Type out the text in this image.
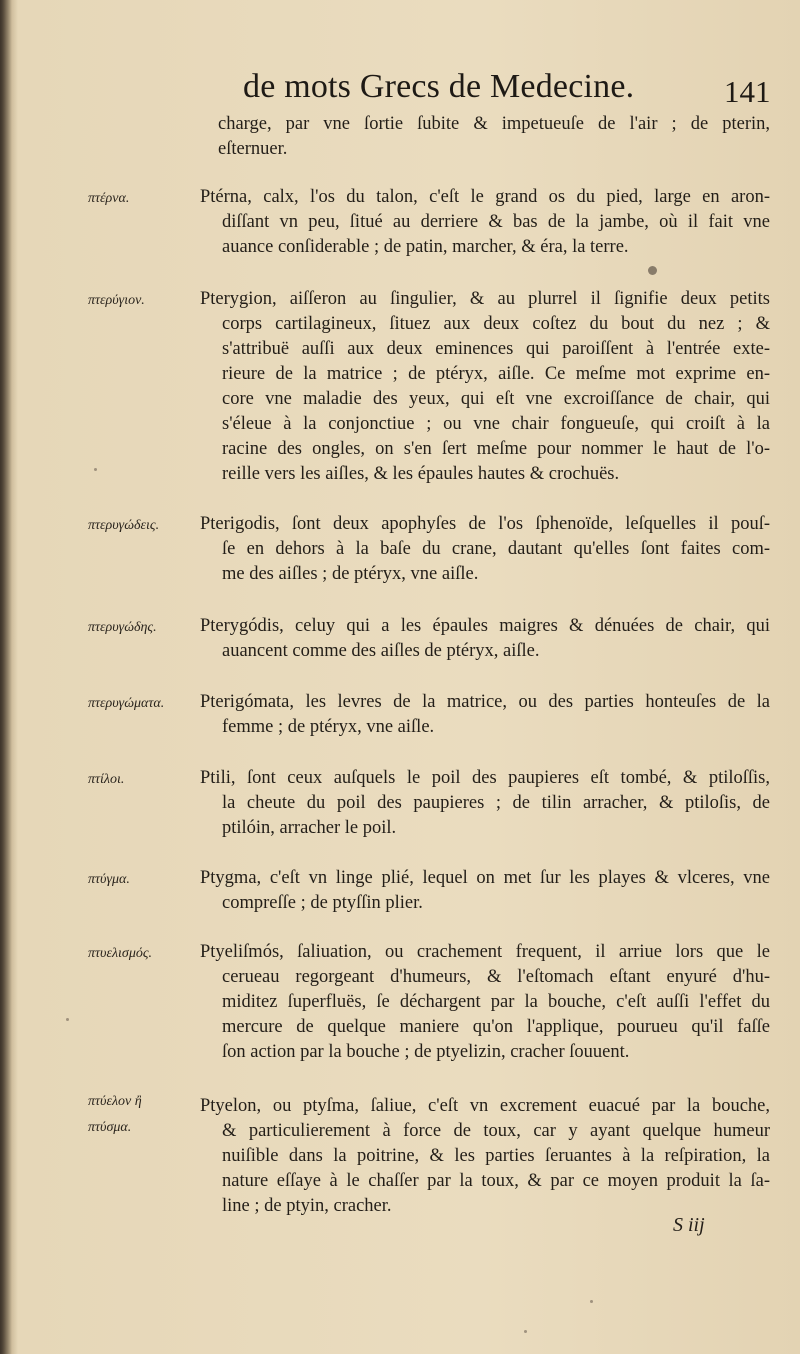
de mots Grecs de Medecine.	141
charge, par vne ſortie ſubite & impetueuſe de l'air ; de pterin,
eſternuer.
πτέρνα.	Ptérna, calx, l'os du talon, c'eſt le grand os du pied, large en aron-
diſſant vn peu, ſitué au derriere & bas de la jambe, où il fait vne
auance conſiderable ; de patin, marcher, & éra, la terre.
πτερύγιον.	Pterygion, aiſſeron au ſingulier, & au plurrel il ſignifie deux petits
corps cartilagineux, ſituez aux deux coſtez du bout du nez ; &
s'attribuë auſſi aux deux eminences qui paroiſſent à l'entrée exte-
rieure de la matrice ; de ptéryx, aiſle. Ce meſme mot exprime en-
core vne maladie des yeux, qui eſt vne excroiſſance de chair, qui
s'éleue à la conjonctiue ; ou vne chair fongueuſe, qui croiſt à la
racine des ongles, on s'en ſert meſme pour nommer le haut de l'o-
reille vers les aiſles, & les épaules hautes & crochuës.
πτερυγώδεις. Pterigodis, ſont deux apophyſes de l'os ſphenoïde, leſquelles il pouſ-
ſe en dehors à la baſe du crane, dautant qu'elles ſont faites com-
me des aiſles ; de ptéryx, vne aiſle.
πτερυγώδης. Pterygódis, celuy qui a les épaules maigres & dénuées de chair, qui
auancent comme des aiſles de ptéryx, aiſle.
πτερυγώματα. Pterigómata, les levres de la matrice, ou des parties honteuſes de la
femme ; de ptéryx, vne aiſle.
πτίλοι.	Ptili, ſont ceux auſquels le poil des paupieres eſt tombé, & ptiloſſis,
la cheute du poil des paupieres ; de tilin arracher, & ptiloſis, de
ptilóin, arracher le poil.
πτύγμα.	Ptygma, c'eſt vn linge plié, lequel on met ſur les playes & vlceres, vne
compreſſe ; de ptyſſin plier.
πτυελισμός.	Ptyeliſmós, ſaliuation, ou crachement frequent, il arriue lors que le
cerueau regorgeant d'humeurs, & l'eſtomach eſtant enyuré d'hu-
miditez ſuperfluës, ſe déchargent par la bouche, c'eſt auſſi l'effet du
mercure de quelque maniere qu'on l'applique, pourueu qu'il faſſe
ſon action par la bouche ; de ptyelizin, cracher ſouuent.
πτύελον ἢ
πτύσμα.
Ptyelon, ou ptyſma, ſaliue, c'eſt vn excrement euacué par la bouche,
& particulierement à force de toux, car y ayant quelque humeur
nuiſible dans la poitrine, & les parties ſeruantes à la reſpiration, la
nature eſſaye à le chaſſer par la toux, & par ce moyen produit la ſa-
line ; de ptyin, cracher.
S iij
